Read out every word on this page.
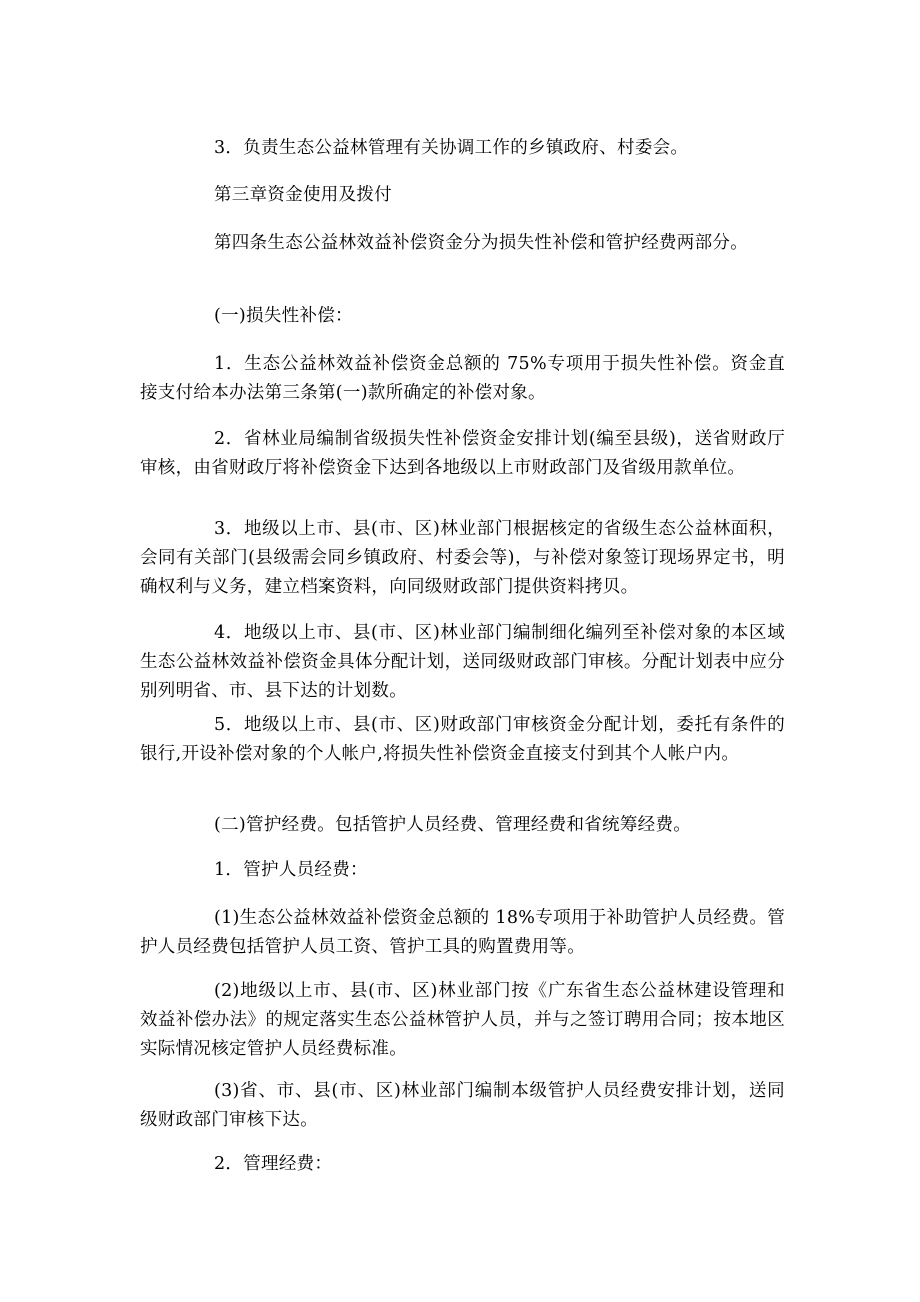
3．负责生态公益林管理有关协调工作的乡镇政府、村委会。

第三章资金使用及拨付

第四条生态公益林效益补偿资金分为损失性补偿和管护经费两部分。

(一)损失性补偿：

1．生态公益林效益补偿资金总额的 75%专项用于损失性补偿。资金直接支付给本办法第三条第(一)款所确定的补偿对象。

2．省林业局编制省级损失性补偿资金安排计划(编至县级)，送省财政厅审核，由省财政厅将补偿资金下达到各地级以上市财政部门及省级用款单位。

3．地级以上市、县(市、区)林业部门根据核定的省级生态公益林面积，会同有关部门(县级需会同乡镇政府、村委会等)，与补偿对象签订现场界定书，明确权利与义务，建立档案资料，向同级财政部门提供资料拷贝。

4．地级以上市、县(市、区)林业部门编制细化编列至补偿对象的本区域生态公益林效益补偿资金具体分配计划，送同级财政部门审核。分配计划表中应分别列明省、市、县下达的计划数。

5．地级以上市、县(市、区)财政部门审核资金分配计划，委托有条件的银行,开设补偿对象的个人帐户,将损失性补偿资金直接支付到其个人帐户内。

(二)管护经费。包括管护人员经费、管理经费和省统筹经费。

1．管护人员经费：

(1)生态公益林效益补偿资金总额的 18%专项用于补助管护人员经费。管护人员经费包括管护人员工资、管护工具的购置费用等。

(2)地级以上市、县(市、区)林业部门按《广东省生态公益林建设管理和效益补偿办法》的规定落实生态公益林管护人员，并与之签订聘用合同；按本地区实际情况核定管护人员经费标准。

(3)省、市、县(市、区)林业部门编制本级管护人员经费安排计划，送同级财政部门审核下达。

2．管理经费：
